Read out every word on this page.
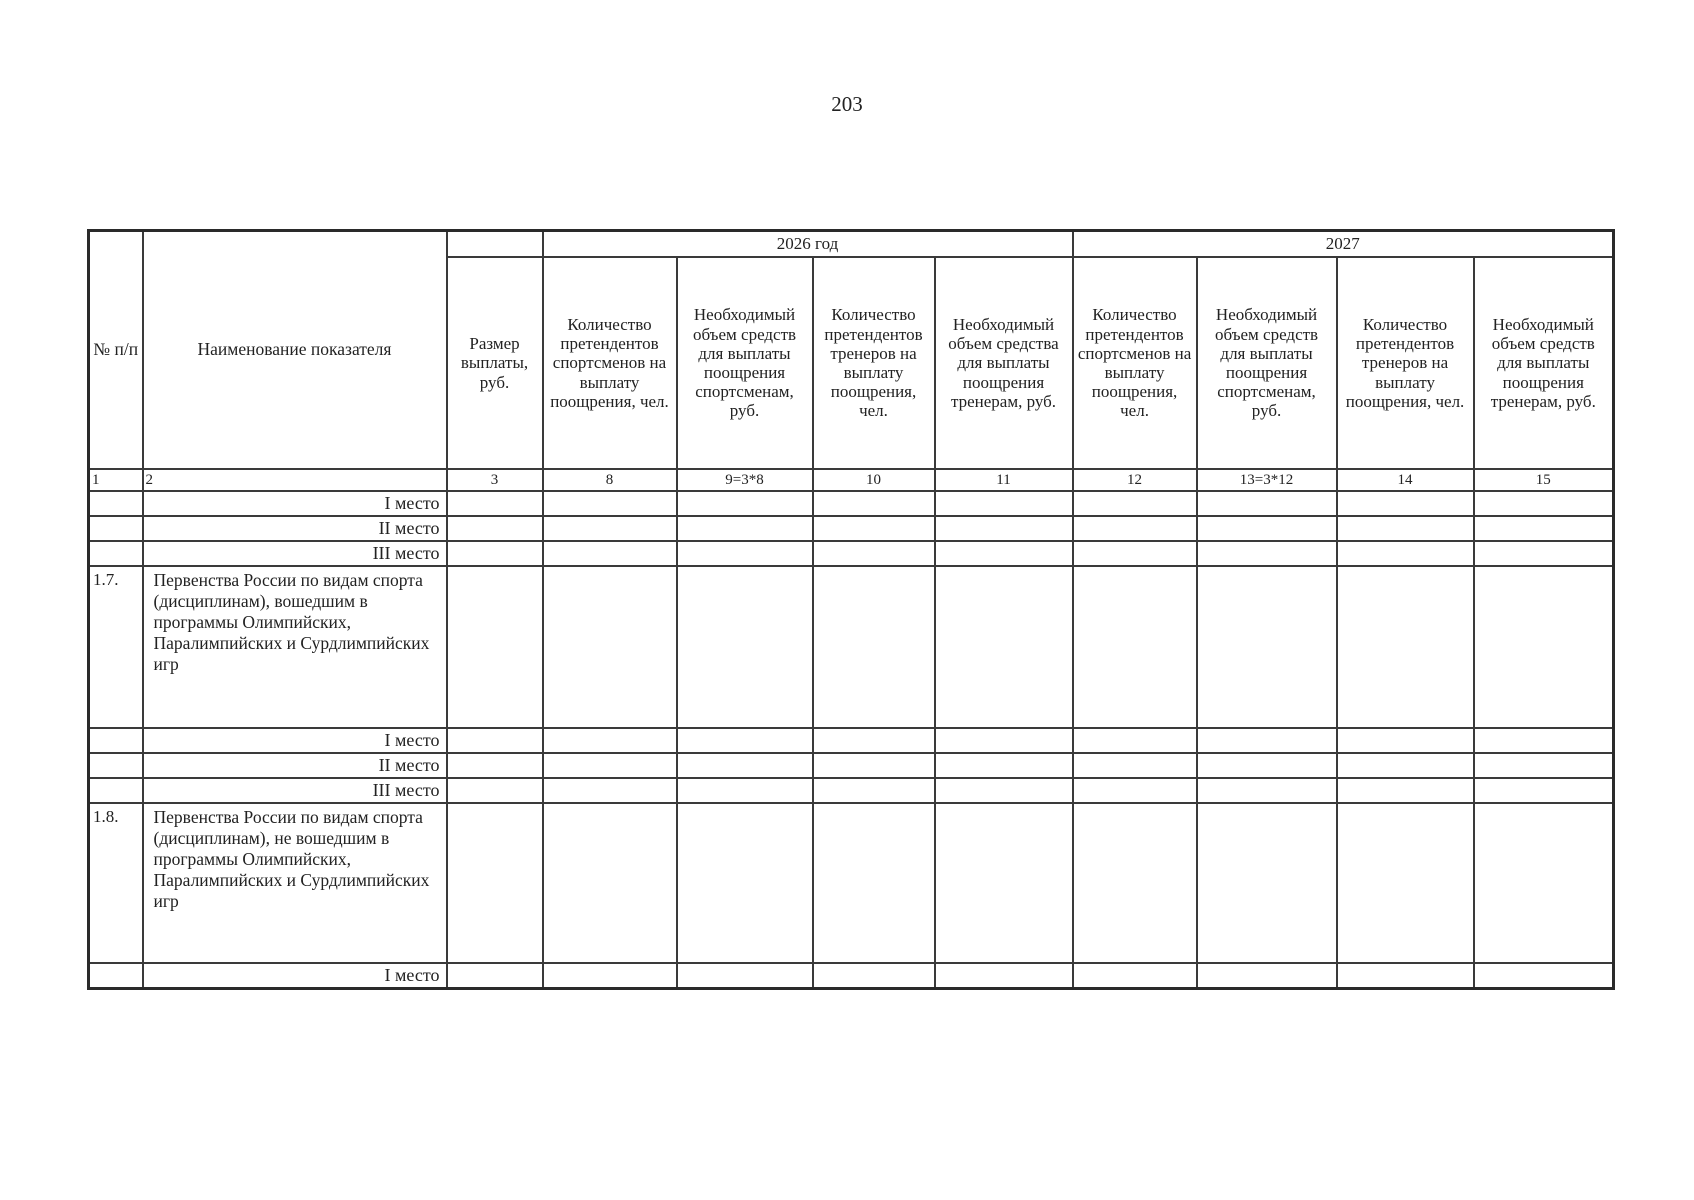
203
№ п/п	Наименование показателя		2026 год				2027			
		Размер выплаты, руб.	Количество претендентов спортсменов на выплату поощрения, чел.	Необходимый объем средств для выплаты поощрения спортсменам, руб.	Количество претендентов тренеров на выплату поощрения, чел.	Необходимый объем средства для выплаты поощрения тренерам, руб.	Количество претендентов спортсменов на выплату поощрения, чел.	Необходимый объем средств для выплаты поощрения спортсменам, руб.	Количество претендентов тренеров на выплату поощрения, чел.	Необходимый объем средств для выплаты поощрения тренерам, руб.
1	2	3	8	9=3*8	10	11	12	13=3*12	14	15
	I место									
	II место									
	III место									
1.7.	Первенства России по видам спорта (дисциплинам), вошедшим в программы Олимпийских, Паралимпийских и Сурдлимпийских игр									
	I место									
	II место									
	III место									
1.8.	Первенства России по видам спорта (дисциплинам), не вошедшим в программы Олимпийских, Паралимпийских и Сурдлимпийских игр									
	I место									
